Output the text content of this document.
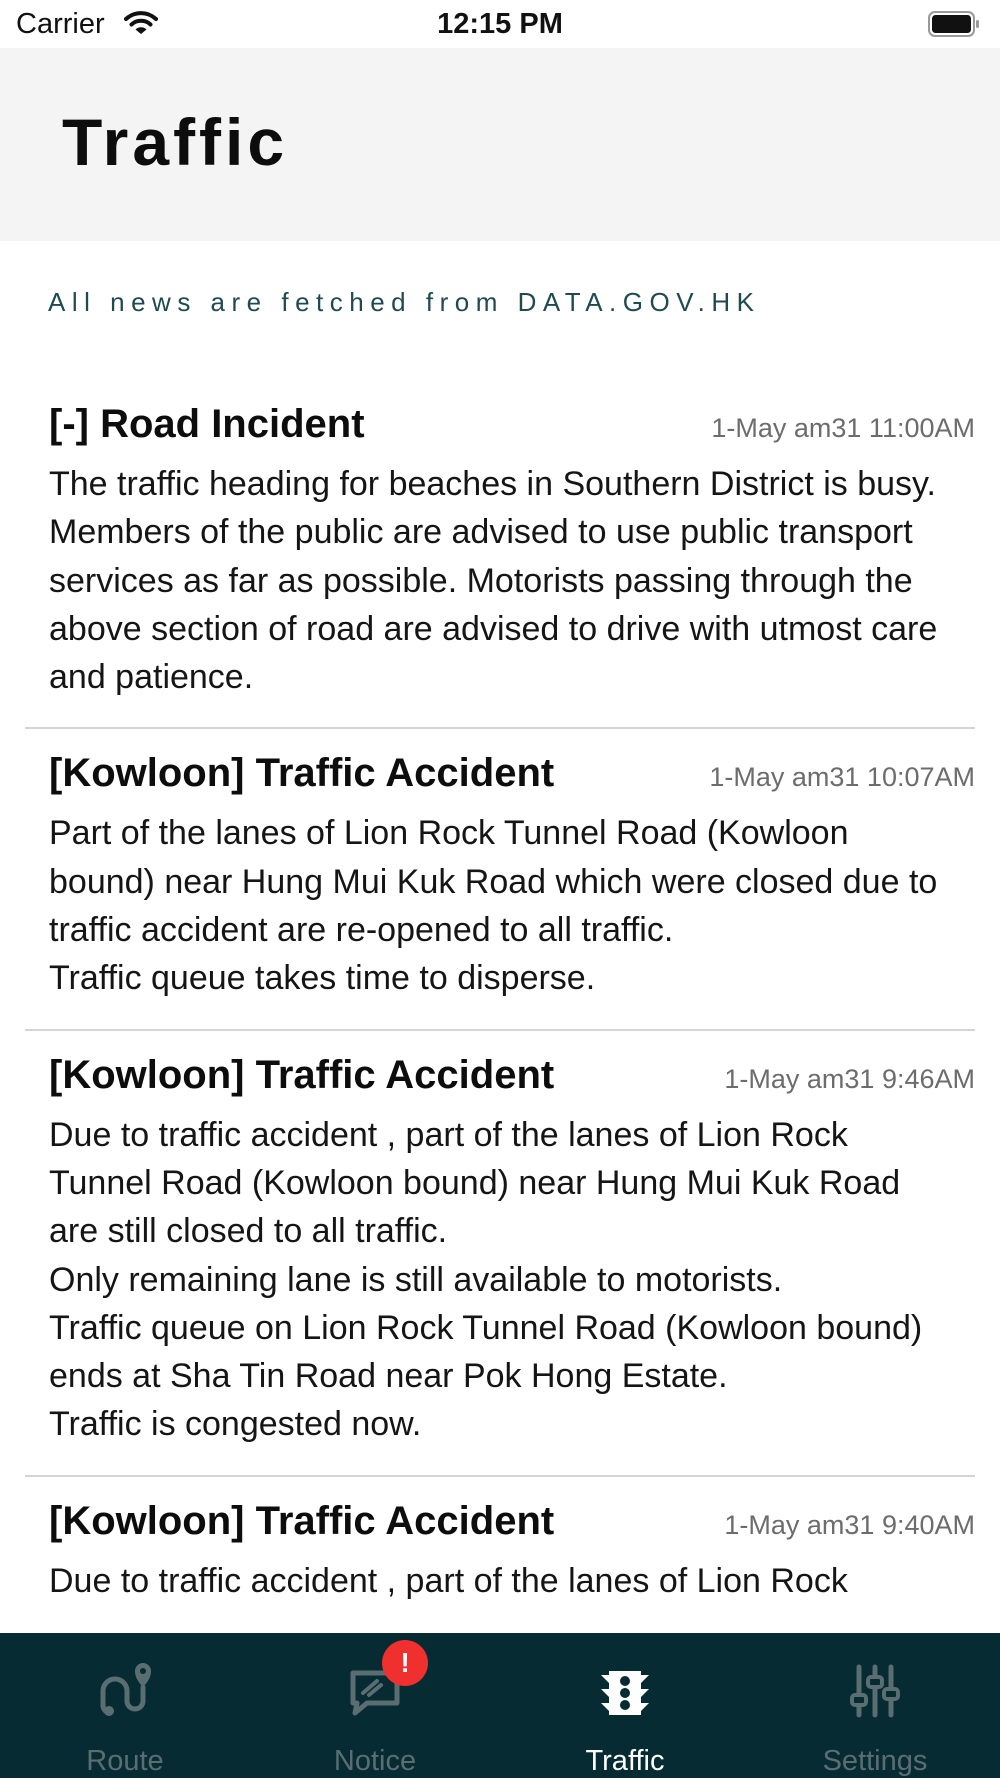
Carrier	12:15 PM
Traffic
All news are fetched from DATA.GOV.HK
[-] Road Incident	1-May am31 11:00AM
The traffic heading for beaches in Southern District is busy. Members of the public are advised to use public transport services as far as possible. Motorists passing through the above section of road are advised to drive with utmost care and patience.
[Kowloon] Traffic Accident	1-May am31 10:07AM
Part of the lanes of Lion Rock Tunnel Road (Kowloon bound) near Hung Mui Kuk Road which were closed due to traffic accident are re-opened to all traffic.
Traffic queue takes time to disperse.
[Kowloon] Traffic Accident	1-May am31 9:46AM
Due to traffic accident , part of the lanes of Lion Rock Tunnel Road (Kowloon bound) near Hung Mui Kuk Road are still closed to all traffic.
Only remaining lane is still available to motorists.
Traffic queue on Lion Rock Tunnel Road (Kowloon bound) ends at Sha Tin Road near Pok Hong Estate.
Traffic is congested now.
[Kowloon] Traffic Accident	1-May am31 9:40AM
Due to traffic accident , part of the lanes of Lion Rock
Route	Notice	Traffic	Settings
!
